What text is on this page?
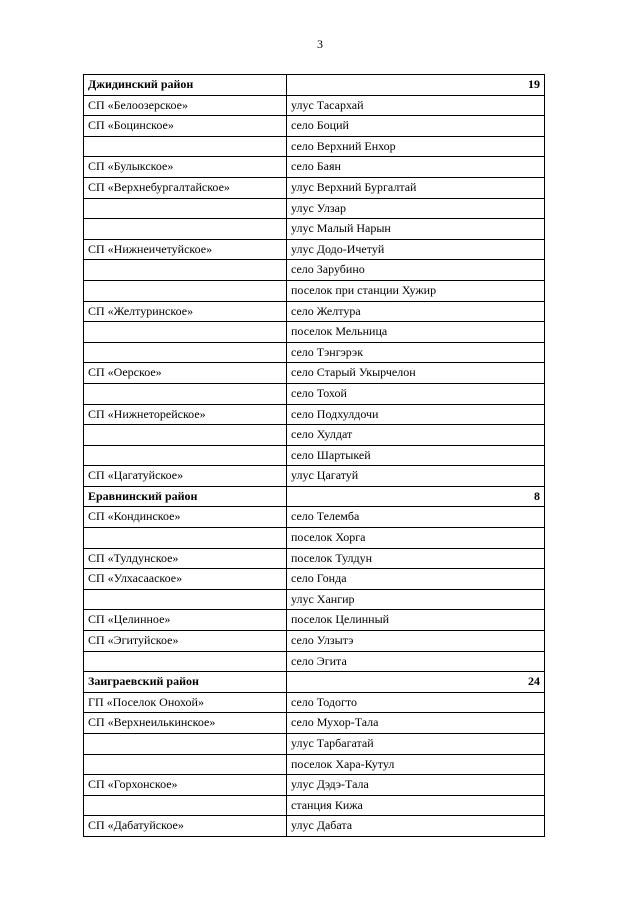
3
Джидинский район	19
СП «Белоозерское»	улус Тасархай
СП «Боцинское»	село Боций
	село Верхний Енхор
СП «Булыкское»	село Баян
СП «Верхнебургалтайское»	улус Верхний Бургалтай
	улус Улзар
	улус Малый Нарын
СП «Нижнеичетуйское»	улус Додо-Ичетуй
	село Зарубино
	поселок при станции Хужир
СП «Желтуринское»	село Желтура
	поселок Мельница
	село Тэнгэрэк
СП «Оерское»	село Старый Укырчелон
	село Тохой
СП «Нижнеторейское»	село Подхулдочи
	село Хулдат
	село Шартыкей
СП «Цагатуйское»	улус Цагатуй
Еравнинский район	8
СП «Кондинское»	село Телемба
	поселок Хорга
СП «Тулдунское»	поселок Тулдун
СП «Улхасаaское»	село Гонда
	улус Хангир
СП «Целинное»	поселок Целинный
СП «Эгитуйское»	село Улзытэ
	село Эгита
Заиграевский район	24
ГП «Поселок Онохой»	село Тодогто
СП «Верхнеилькинское»	село Мухор-Тала
	улус Тарбагатай
	поселок Хара-Кутул
СП «Горхонское»	улус Дэдэ-Тала
	станция Кижа
СП «Дабатуйское»	улус Дабата
